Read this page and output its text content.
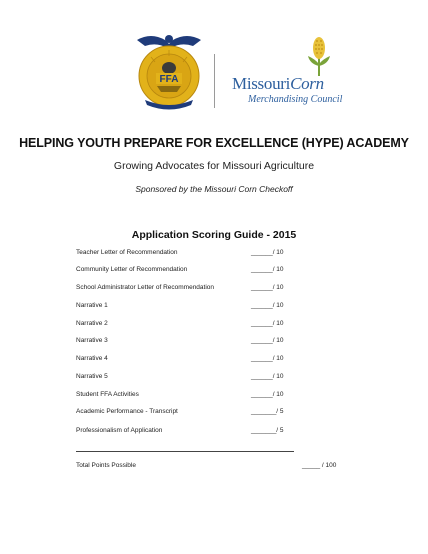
FFA	MissouriCorn
Merchandising Council
HELPING YOUTH PREPARE FOR EXCELLENCE (HYPE) ACADEMY
Growing Advocates for Missouri Agriculture
Sponsored by the Missouri Corn Checkoff
Application Scoring Guide - 2015
Teacher Letter of Recommendation	______/ 10
Community Letter of Recommendation	______/ 10
School Administrator Letter of Recommendation	______/ 10
Narrative 1	______/ 10
Narrative 2	______/ 10
Narrative 3	______/ 10
Narrative 4	______/ 10
Narrative 5	______/ 10
Student FFA Activities	______/ 10
Academic Performance - Transcript	_______/ 5
Professionalism of Application	_______/ 5
Total Points Possible	_____ / 100
